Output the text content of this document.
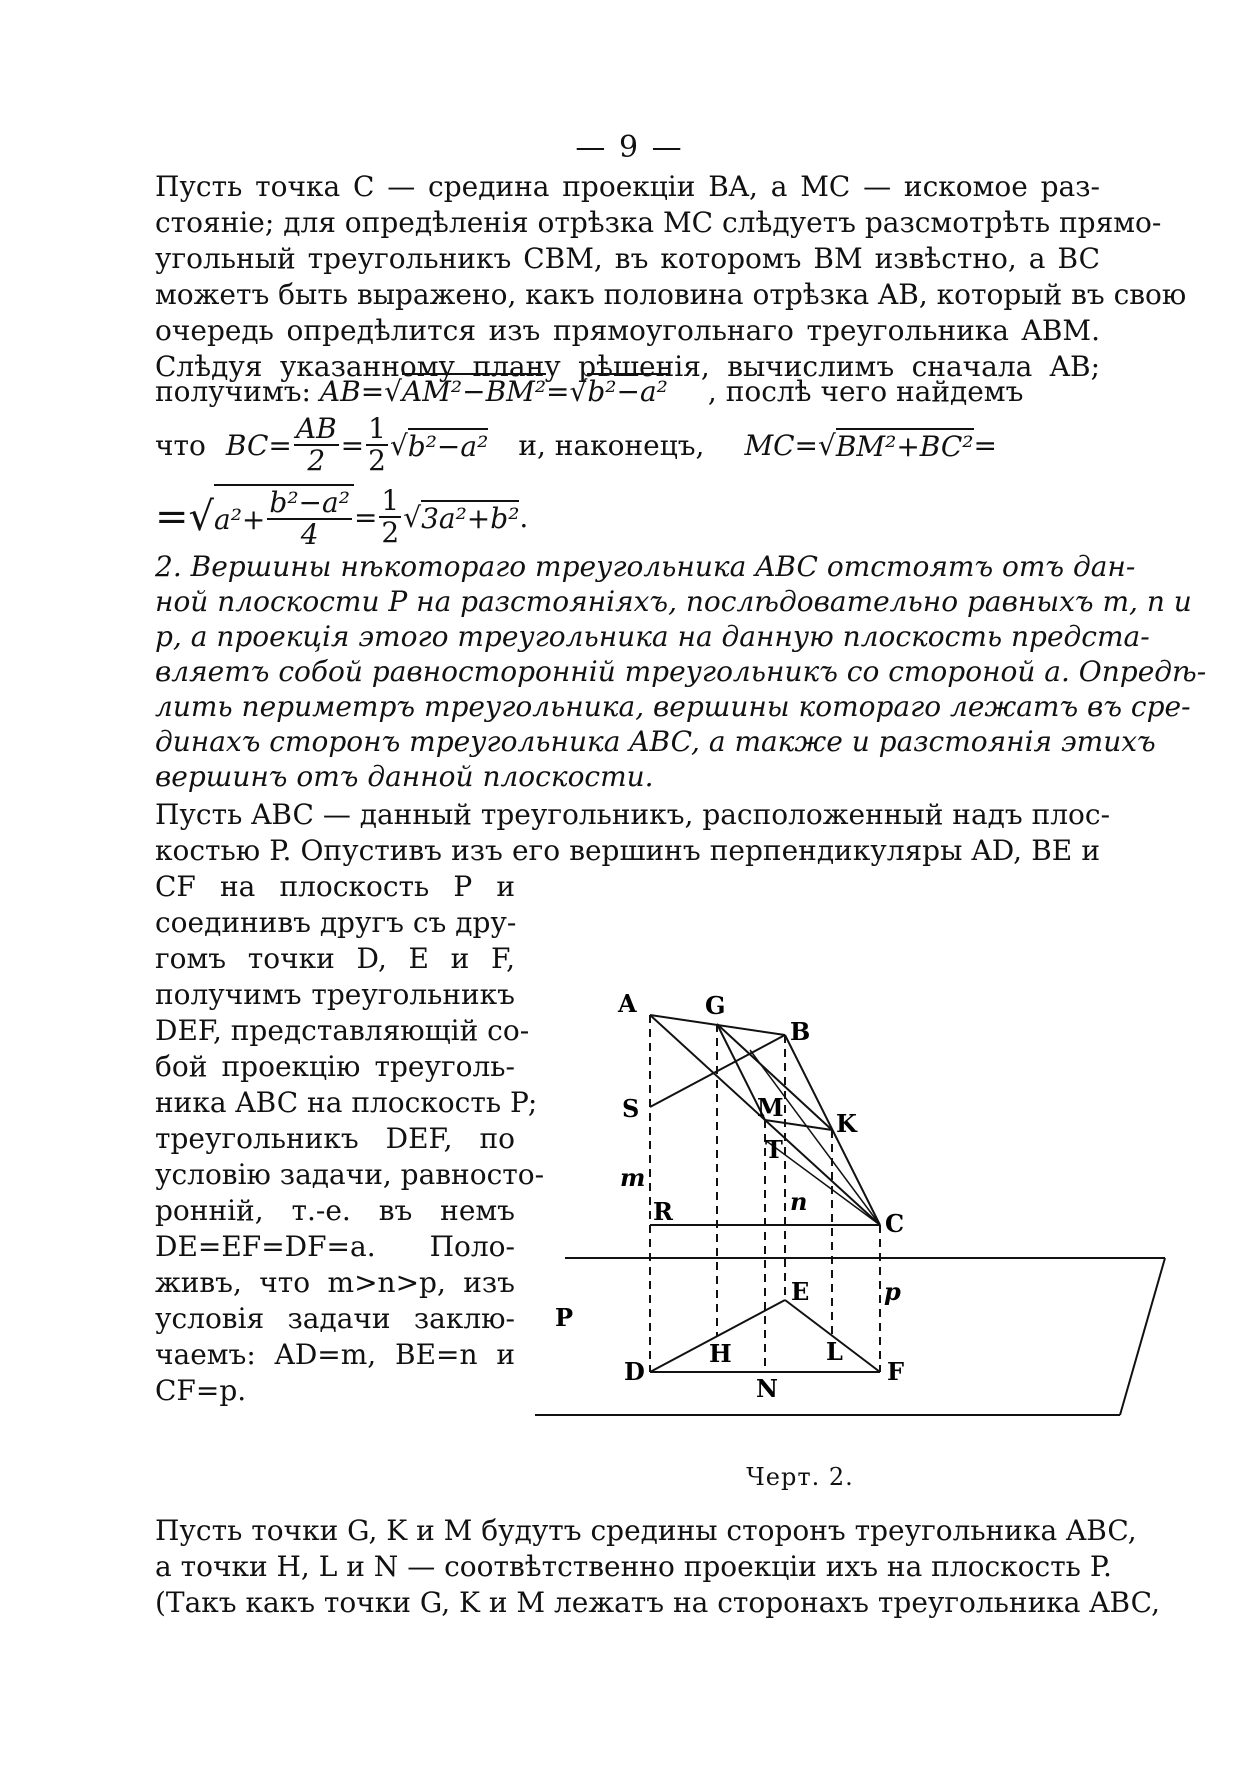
— 9 —
Пусть точка C — средина проекціи BA, а MC — искомое раз-
стояніе; для опредѣленія отрѣзка MC слѣдуетъ разсмотрѣть прямо-
угольный треугольникъ CBM, въ которомъ BM извѣстно, а BC
можетъ быть выражено, какъ половина отрѣзка AB, который въ свою
очередь опредѣлится изъ прямоугольнаго треугольника ABM.
Слѣдуя указанному плану рѣшенія, вычислимъ сначала AB;
получимъ: AB=√AM²−BM²=√b²−a² , послѣ чего найдемъ
что $BC= \frac{AB}{2} = \frac{1}{2}$ √ b²−a² и, наконецъ, MC=√ BM²+BC² =
=√ $a^2+ \frac{\text{b²−a²}}{4} = \frac{1}{2}$ √ 3a²+b² .
2. Вершины нѣкотораго треугольника ABC отстоятъ отъ дан-
ной плоскости P на разстояніяхъ, послѣдовательно равныхъ m, n и
p, а проекція этого треугольника на данную плоскость предста-
вляетъ собой равносторонній треугольникъ со стороной a. Опредѣ-
лить периметръ треугольника, вершины котораго лежатъ въ сре-
динахъ сторонъ треугольника ABC, а также и разстоянія этихъ
вершинъ отъ данной плоскости.
Пусть ABC — данный треугольникъ, расположенный надъ плос-
костью P. Опустивъ изъ его вершинъ перпендикуляры AD, BE и
CF на плоскость P и
соединивъ другъ съ дру-
гомъ точки D, E и F,
получимъ треугольникъ
DEF, представляющій со-
бой проекцію треуголь-
ника ABC на плоскость P;
треугольникъ DEF, по
условію задачи, равносто-
ронній, т.-е. въ немъ
DE=EF=DF=a. Поло-
живъ, что m>n>p, изъ
условія задачи заклю-
чаемъ: AD=m, BE=n и
CF=p.
A	G
B
S	M
K
T
m
n
R	C
E	p
P
H	L
D	F
N
Черт. 2.
Пусть точки G, K и M будутъ средины сторонъ треугольника ABC,
а точки H, L и N — соотвѣтственно проекціи ихъ на плоскость P.
(Такъ какъ точки G, K и M лежатъ на сторонахъ треугольника ABC,
